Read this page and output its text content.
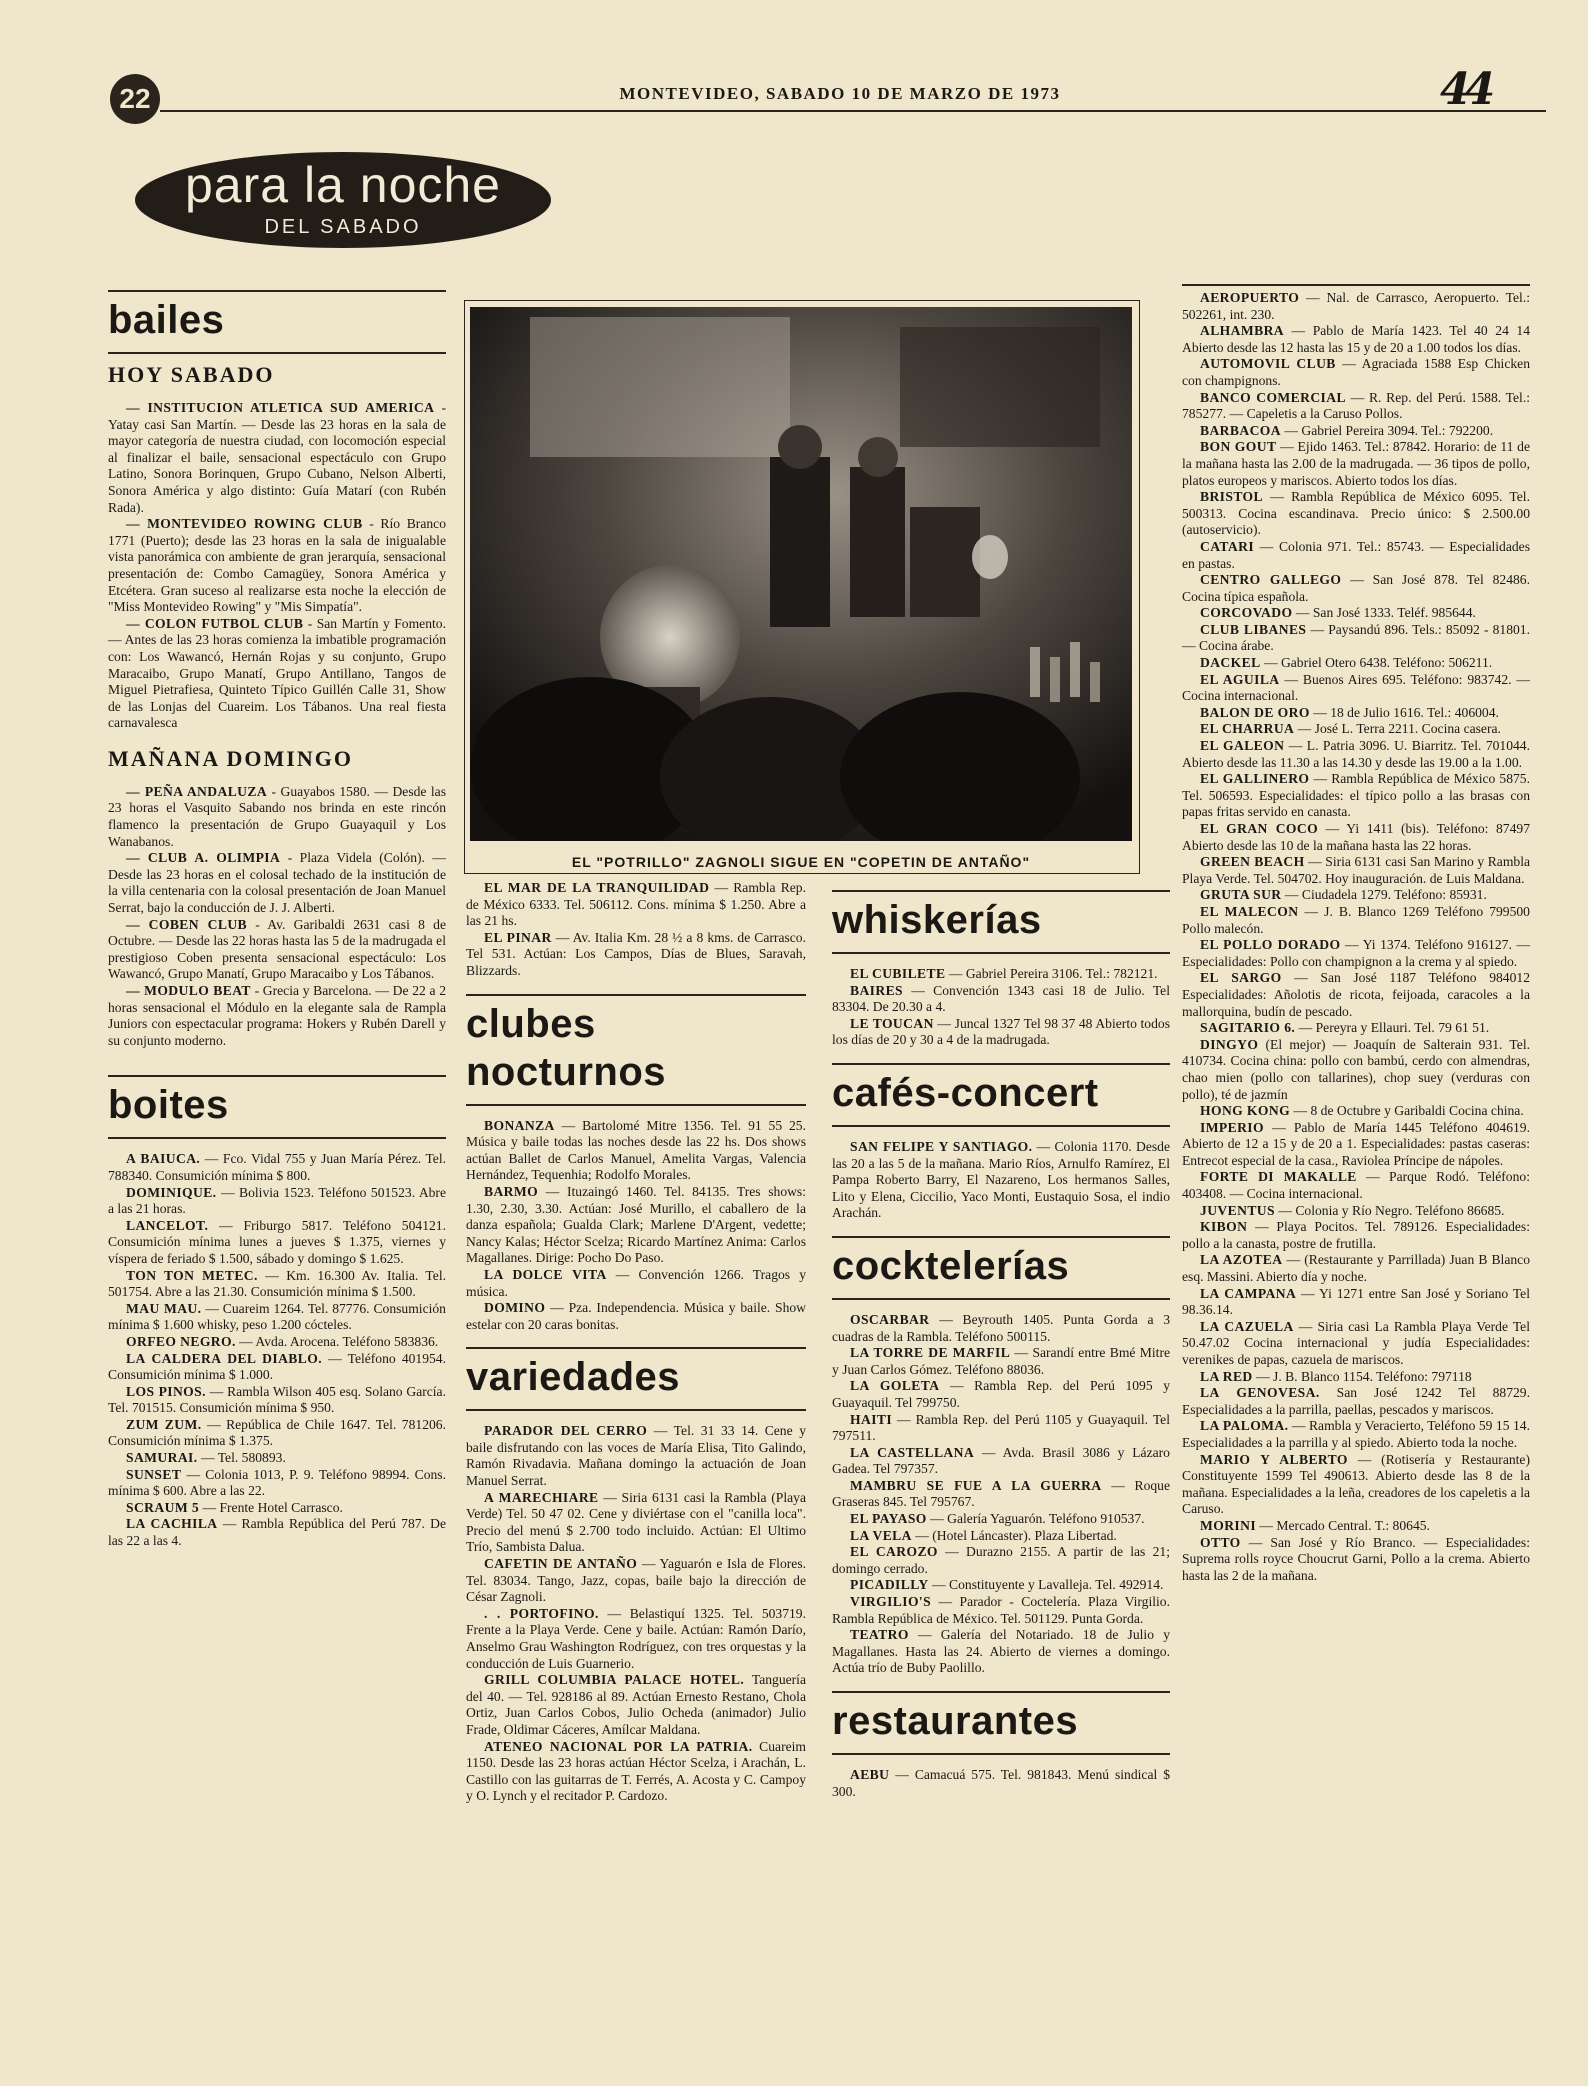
22	MONTEVIDEO, SABADO 10 DE MARZO DE 1973	44
para la noche
DEL SABADO
bailes
HOY SABADO

— INSTITUCION ATLETICA SUD AMERICA - Yatay casi San Martín. — Desde las 23 horas en la sala de mayor categoría de nuestra ciudad, con locomoción especial al finalizar el baile, sensacional espectáculo con Grupo Latino, Sonora Borinquen, Grupo Cubano, Nelson Alberti, Sonora América y algo distinto: Guía Matarí (con Rubén Rada).

— MONTEVIDEO ROWING CLUB - Río Branco 1771 (Puerto); desde las 23 horas en la sala de inigualable vista panorámica con ambiente de gran jerarquía, sensacional presentación de: Combo Camagüey, Sonora América y Etcétera. Gran suceso al realizarse esta noche la elección de "Miss Montevideo Rowing" y "Mis Simpatía".

— COLON FUTBOL CLUB - San Martín y Fomento. — Antes de las 23 horas comienza la imbatible programación con: Los Wawancó, Hernán Rojas y su conjunto, Grupo Maracaibo, Grupo Manatí, Grupo Antillano, Tangos de Miguel Pietrafiesa, Quinteto Típico Guillén Calle 31, Show de las Lonjas del Cuareim. Los Tábanos. Una real fiesta carnavalesca

MAÑANA DOMINGO

— PEÑA ANDALUZA - Guayabos 1580. — Desde las 23 horas el Vasquito Sabando nos brinda en este rincón flamenco la presentación de Grupo Guayaquil y Los Wanabanos.

— CLUB A. OLIMPIA - Plaza Videla (Colón). — Desde las 23 horas en el colosal techado de la institución de la villa centenaria con la colosal presentación de Joan Manuel Serrat, bajo la conducción de J. J. Alberti.

— COBEN CLUB - Av. Garibaldi 2631 casi 8 de Octubre. — Desde las 22 horas hasta las 5 de la madrugada el prestigioso Coben presenta sensacional espectáculo: Los Wawancó, Grupo Manatí, Grupo Maracaibo y Los Tábanos.

— MODULO BEAT - Grecia y Barcelona. — De 22 a 2 horas sensacional el Módulo en la elegante sala de Rampla Juniors con espectacular programa: Hokers y Rubén Darell y su conjunto moderno.

boites

A BAIUCA. — Fco. Vidal 755 y Juan María Pérez. Tel. 788340. Consumición mínima $ 800.

DOMINIQUE. — Bolivia 1523. Teléfono 501523. Abre a las 21 horas.

LANCELOT. — Friburgo 5817. Teléfono 504121. Consumición mínima lunes a jueves $ 1.375, viernes y víspera de feriado $ 1.500, sábado y domingo $ 1.625.

TON TON METEC. — Km. 16.300 Av. Italia. Tel. 501754. Abre a las 21.30. Consumición mínima $ 1.500.

MAU MAU. — Cuareim 1264. Tel. 87776. Consumición mínima $ 1.600 whisky, peso 1.200 cócteles.

ORFEO NEGRO. — Avda. Arocena. Teléfono 583836.

LA CALDERA DEL DIABLO. — Teléfono 401954. Consumición mínima $ 1.000.

LOS PINOS. — Rambla Wilson 405 esq. Solano García. Tel. 701515. Consumición mínima $ 950.

ZUM ZUM. — República de Chile 1647. Tel. 781206. Consumición mínima $ 1.375.

SAMURAI. — Tel. 580893.

SUNSET — Colonia 1013, P. 9. Teléfono 98994. Cons. mínima $ 600. Abre a las 22.

SCRAUM 5 — Frente Hotel Carrasco.

LA CACHILA — Rambla República del Perú 787. De las 22 a las 4.

EL "POTRILLO" ZAGNOLI SIGUE EN "COPETIN DE ANTAÑO"

EL MAR DE LA TRANQUILIDAD — Rambla Rep. de México 6333. Tel. 506112. Cons. mínima $ 1.250. Abre a las 21 hs.

EL PINAR — Av. Italia Km. 28 ½ a 8 kms. de Carrasco. Tel 531. Actúan: Los Campos, Días de Blues, Saravah, Blizzards.

clubes nocturnos

BONANZA — Bartolomé Mitre 1356. Tel. 91 55 25. Música y baile todas las noches desde las 22 hs. Dos shows actúan Ballet de Carlos Manuel, Amelita Vargas, Valencia Hernández, Tequenhia; Rodolfo Morales.

BARMO — Ituzaingó 1460. Tel. 84135. Tres shows: 1.30, 2.30, 3.30. Actúan: José Murillo, el caballero de la danza española; Gualda Clark; Marlene D'Argent, vedette; Nancy Kalas; Héctor Scelza; Ricardo Martínez Anima: Carlos Magallanes. Dirige: Pocho Do Paso.

LA DOLCE VITA — Convención 1266. Tragos y música.

DOMINO — Pza. Independencia. Música y baile. Show estelar con 20 caras bonitas.

variedades

PARADOR DEL CERRO — Tel. 31 33 14. Cene y baile disfrutando con las voces de María Elisa, Tito Galindo, Ramón Rivadavia. Mañana domingo la actuación de Joan Manuel Serrat.

A MARECHIARE — Siria 6131 casi la Rambla (Playa Verde) Tel. 50 47 02. Cene y diviértase con el "canilla loca". Precio del menú $ 2.700 todo incluido. Actúan: El Ultimo Trío, Sambista Dalua.

CAFETIN DE ANTAÑO — Yaguarón e Isla de Flores. Tel. 83034. Tango, Jazz, copas, baile bajo la dirección de César Zagnoli.

. . PORTOFINO. — Belastiquí 1325. Tel. 503719. Frente a la Playa Verde. Cene y baile. Actúan: Ramón Darío, Anselmo Grau Washington Rodríguez, con tres orquestas y la conducción de Luis Guarnerio.

GRILL COLUMBIA PALACE HOTEL. Tanguería del 40. — Tel. 928186 al 89. Actúan Ernesto Restano, Chola Ortiz, Juan Carlos Cobos, Julio Ocheda (animador) Julio Frade, Oldimar Cáceres, Amílcar Maldana.

ATENEO NACIONAL POR LA PATRIA. Cuareim 1150. Desde las 23 horas actúan Héctor Scelza, i Arachán, L. Castillo con las guitarras de T. Ferrés, A. Acosta y C. Campoy y O. Lynch y el recitador P. Cardozo.

whiskerías

EL CUBILETE — Gabriel Pereira 3106. Tel.: 782121.

BAIRES — Convención 1343 casi 18 de Julio. Tel 83304. De 20.30 a 4.

LE TOUCAN — Juncal 1327 Tel 98 37 48 Abierto todos los días de 20 y 30 a 4 de la madrugada.

cafés-concert

SAN FELIPE Y SANTIAGO. — Colonia 1170. Desde las 20 a las 5 de la mañana. Mario Ríos, Arnulfo Ramírez, El Pampa Roberto Barry, El Nazareno, Los hermanos Salles, Lito y Elena, Ciccilio, Yaco Monti, Eustaquio Sosa, el indio Arachán.

cocktelerías

OSCARBAR — Beyrouth 1405. Punta Gorda a 3 cuadras de la Rambla. Teléfono 500115.

LA TORRE DE MARFIL — Sarandí entre Bmé Mitre y Juan Carlos Gómez. Teléfono 88036.

LA GOLETA — Rambla Rep. del Perú 1095 y Guayaquil. Tel 799750.

HAITI — Rambla Rep. del Perú 1105 y Guayaquil. Tel 797511.

LA CASTELLANA — Avda. Brasil 3086 y Lázaro Gadea. Tel 797357.

MAMBRU SE FUE A LA GUERRA — Roque Graseras 845. Tel 795767.

EL PAYASO — Galería Yaguarón. Teléfono 910537.

LA VELA — (Hotel Láncaster). Plaza Libertad.

EL CAROZO — Durazno 2155. A partir de las 21; domingo cerrado.

PICADILLY — Constituyente y Lavalleja. Tel. 492914.

VIRGILIO'S — Parador - Coctelería. Plaza Virgilio. Rambla República de México. Tel. 501129. Punta Gorda.

TEATRO — Galería del Notariado. 18 de Julio y Magallanes. Hasta las 24. Abierto de viernes a domingo. Actúa trío de Buby Paolillo.

restaurantes

AEBU — Camacuá 575. Tel. 981843. Menú sindical $ 300.

AEROPUERTO — Nal. de Carrasco, Aeropuerto. Tel.: 502261, int. 230.

ALHAMBRA — Pablo de María 1423. Tel 40 24 14 Abierto desde las 12 hasta las 15 y de 20 a 1.00 todos los días.

AUTOMOVIL CLUB — Agraciada 1588 Esp Chicken con champignons.

BANCO COMERCIAL — R. Rep. del Perú. 1588. Tel.: 785277. — Capeletis a la Caruso Pollos.

BARBACOA — Gabriel Pereira 3094. Tel.: 792200.

BON GOUT — Ejido 1463. Tel.: 87842. Horario: de 11 de la mañana hasta las 2.00 de la madrugada. — 36 tipos de pollo, platos europeos y mariscos. Abierto todos los días.

BRISTOL — Rambla República de México 6095. Tel. 500313. Cocina escandinava. Precio único: $ 2.500.00 (autoservicio).

CATARI — Colonia 971. Tel.: 85743. — Especialidades en pastas.

CENTRO GALLEGO — San José 878. Tel 82486. Cocina típica española.

CORCOVADO — San José 1333. Teléf. 985644.

CLUB LIBANES — Paysandú 896. Tels.: 85092 - 81801. — Cocina árabe.

DACKEL — Gabriel Otero 6438. Teléfono: 506211.

EL AGUILA — Buenos Aires 695. Teléfono: 983742. — Cocina internacional.

BALON DE ORO — 18 de Julio 1616. Tel.: 406004.

EL CHARRUA — José L. Terra 2211. Cocina casera.

EL GALEON — L. Patria 3096. U. Biarritz. Tel. 701044. Abierto desde las 11.30 a las 14.30 y desde las 19.00 a la 1.00.

EL GALLINERO — Rambla República de México 5875. Tel. 506593. Especialidades: el típico pollo a las brasas con papas fritas servido en canasta.

EL GRAN COCO — Yi 1411 (bis). Teléfono: 87497 Abierto desde las 10 de la mañana hasta las 22 horas.

GREEN BEACH — Siria 6131 casi San Marino y Rambla Playa Verde. Tel. 504702. Hoy inauguración. de Luis Maldana.

GRUTA SUR — Ciudadela 1279. Teléfono: 85931.

EL MALECON — J. B. Blanco 1269 Teléfono 799500 Pollo malecón.

EL POLLO DORADO — Yi 1374. Teléfono 916127. — Especialidades: Pollo con champignon a la crema y al spiedo.

EL SARGO — San José 1187 Teléfono 984012 Especialidades: Añolotis de ricota, feijoada, caracoles a la mallorquina, budín de pescado.

SAGITARIO 6. — Pereyra y Ellauri. Tel. 79 61 51.

DINGYO (El mejor) — Joaquín de Salterain 931. Tel. 410734. Cocina china: pollo con bambú, cerdo con almendras, chao mien (pollo con tallarines), chop suey (verduras con pollo), té de jazmín

HONG KONG — 8 de Octubre y Garibaldi Cocina china.

IMPERIO — Pablo de María 1445 Teléfono 404619. Abierto de 12 a 15 y de 20 a 1. Especialidades: pastas caseras: Entrecot especial de la casa., Raviolea Príncipe de nápoles.

FORTE DI MAKALLE — Parque Rodó. Teléfono: 403408. — Cocina internacional.

JUVENTUS — Colonia y Río Negro. Teléfono 86685.

KIBON — Playa Pocitos. Tel. 789126. Especialidades: pollo a la canasta, postre de frutilla.

LA AZOTEA — (Restaurante y Parrillada) Juan B Blanco esq. Massini. Abierto día y noche.

LA CAMPANA — Yi 1271 entre San José y Soriano Tel 98.36.14.

LA CAZUELA — Siria casi La Rambla Playa Verde Tel 50.47.02 Cocina internacional y judía Especialidades: verenikes de papas, cazuela de mariscos.

LA RED — J. B. Blanco 1154. Teléfono: 797118

LA GENOVESA. San José 1242 Tel 88729. Especialidades a la parrilla, paellas, pescados y mariscos.

LA PALOMA. — Rambla y Veracierto, Teléfono 59 15 14. Especialidades a la parrilla y al spiedo. Abierto toda la noche.

MARIO Y ALBERTO — (Rotisería y Restaurante) Constituyente 1599 Tel 490613. Abierto desde las 8 de la mañana. Especialidades a la leña, creadores de los capeletis a la Caruso.

MORINI — Mercado Central. T.: 80645.

OTTO — San José y Río Branco. — Especialidades: Suprema rolls royce Choucrut Garni, Pollo a la crema. Abierto hasta las 2 de la mañana.
